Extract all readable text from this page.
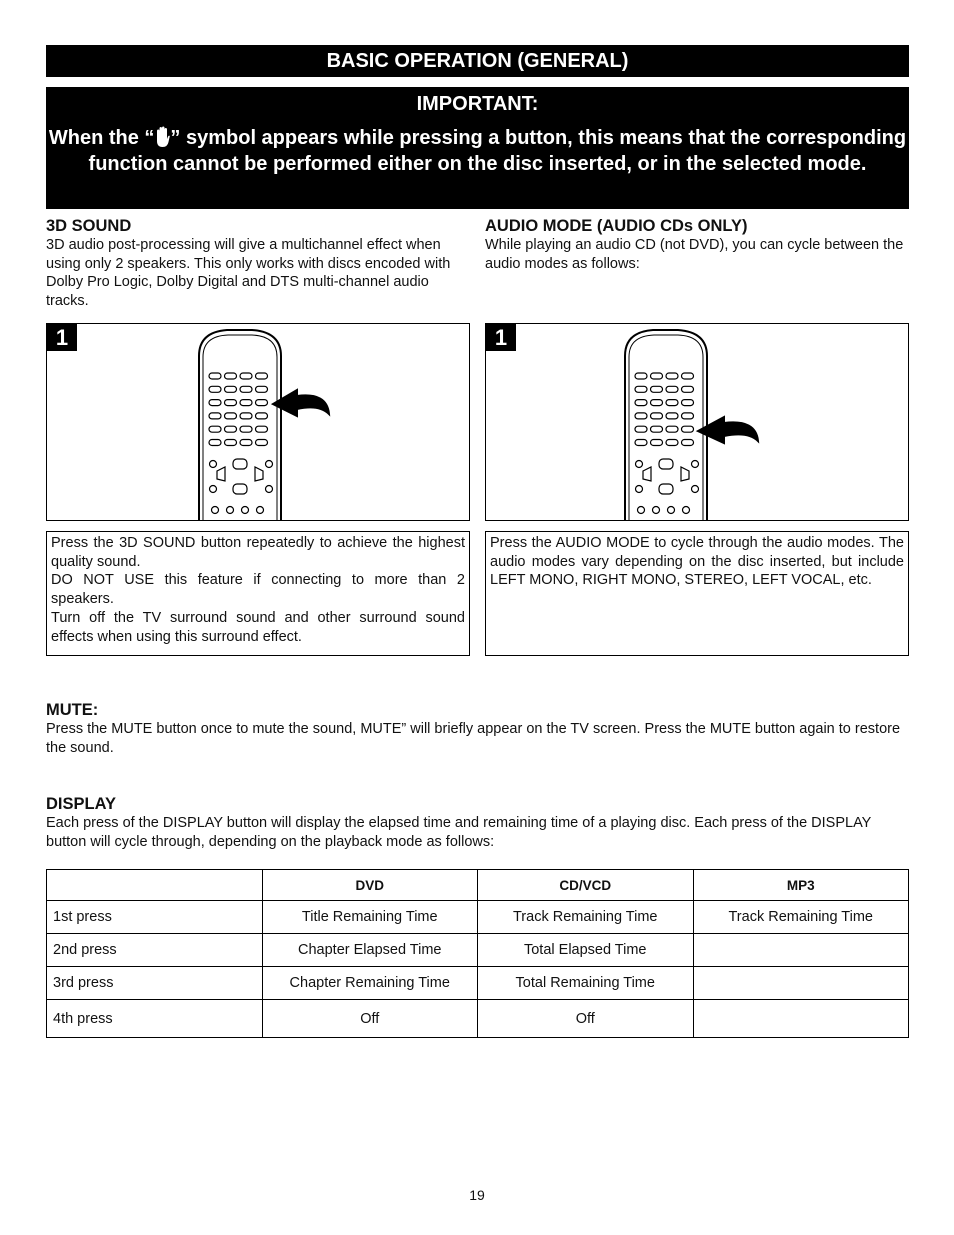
BASIC OPERATION (GENERAL)
IMPORTANT:
When the “ ” symbol appears while pressing a button, this means that the corresponding function cannot be performed either on the disc inserted, or in the selected mode.
3D SOUND
3D audio post-processing will give a multichannel effect when using only 2 speakers. This only works with discs encoded with Dolby Pro Logic, Dolby Digital and DTS multi-channel audio tracks.
AUDIO MODE (AUDIO CDs ONLY)
While playing an audio CD (not DVD), you can cycle between the audio modes as follows:
1	1

Press the 3D SOUND button repeatedly to achieve the highest quality sound.

DO NOT USE this feature if connecting to more than 2 speakers.

Turn off the TV surround sound and other surround sound effects when using this surround effect.

Press the AUDIO MODE to cycle through the audio modes. The audio modes vary depending on the disc inserted, but include LEFT MONO, RIGHT MONO, STEREO, LEFT VOCAL, etc.

MUTE:
Press the MUTE button once to mute the sound, MUTE” will briefly appear on the TV screen. Press the MUTE button again to restore the sound.
DISPLAY
Each press of the DISPLAY button will display the elapsed time and remaining time of a playing disc. Each press of the DISPLAY button will cycle through, depending on the playback mode as follows:
	DVD	CD/VCD	MP3
1st press	Title Remaining Time	Track Remaining Time	Track Remaining Time
2nd press	Chapter Elapsed Time	Total Elapsed Time	
3rd press	Chapter Remaining Time	Total Remaining Time	
4th press	Off	Off	
19
